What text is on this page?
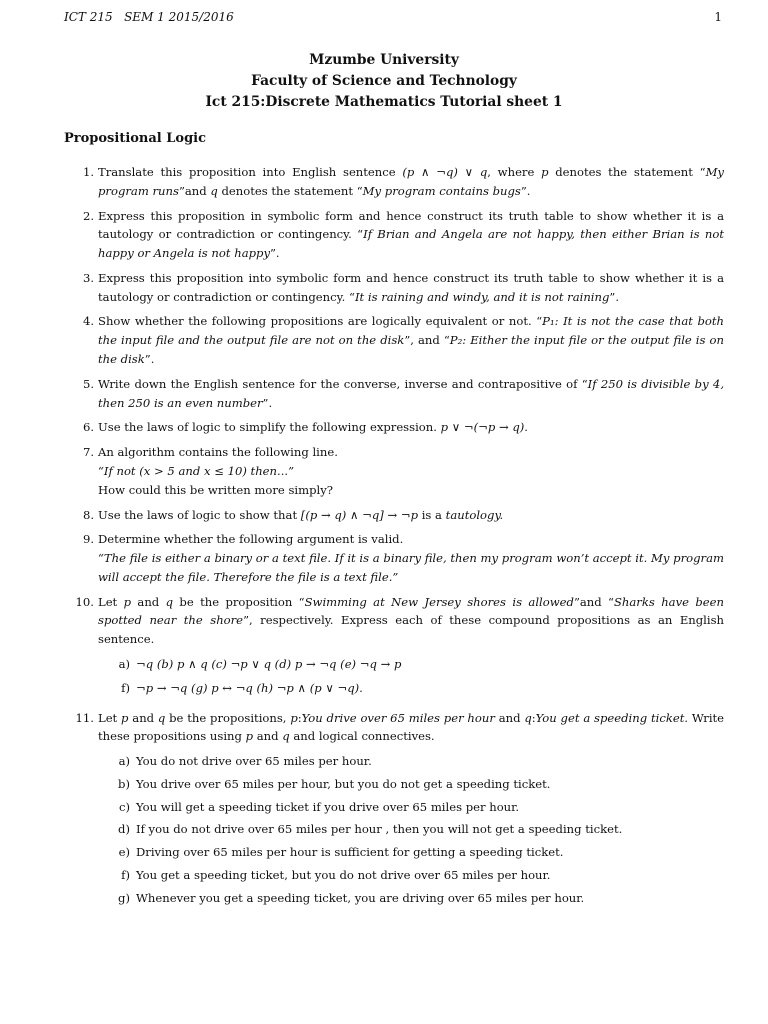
ICT 215   SEM 1 2015/2016	1
Mzumbe University
Faculty of Science and Technology
Ict 215:Discrete Mathematics Tutorial sheet 1
Propositional Logic
1. Translate this proposition into English sentence (p ∧ ¬q) ∨ q, where p denotes the statement “My program runs”and q denotes the statement “My program contains bugs”.
2. Express this proposition in symbolic form and hence construct its truth table to show whether it is a tautology or contradiction or contingency. “If Brian and Angela are not happy, then either Brian is not happy or Angela is not happy”.
3. Express this proposition into symbolic form and hence construct its truth table to show whether it is a tautology or contradiction or contingency. “It is raining and windy, and it is not raining”.
4. Show whether the following propositions are logically equivalent or not. “P₁: It is not the case that both the input file and the output file are not on the disk”, and “P₂: Either the input file or the output file is on the disk”.
5. Write down the English sentence for the converse, inverse and contrapositive of “If 250 is divisible by 4, then 250 is an even number”.
6. Use the laws of logic to simplify the following expression. p ∨ ¬(¬p → q).
7. An algorithm contains the following line.
“If not (x > 5 and x ≤ 10) then...”
How could this be written more simply?
8. Use the laws of logic to show that [(p → q) ∧ ¬q] → ¬p is a tautology.
9. Determine whether the following argument is valid.
“The file is either a binary or a text file. If it is a binary file, then my program won’t accept it. My program will accept the file. Therefore the file is a text file.”
10. Let p and q be the proposition “Swimming at New Jersey shores is allowed”and “Sharks have been spotted near the shore”, respectively. Express each of these compound propositions as an English sentence.
a) ¬q (b) p ∧ q (c) ¬p ∨ q (d) p → ¬q (e) ¬q → p
f) ¬p → ¬q (g) p ↔ ¬q (h) ¬p ∧ (p ∨ ¬q).
11. Let p and q be the propositions, p:You drive over 65 miles per hour and q:You get a speeding ticket. Write these propositions using p and q and logical connectives.
a) You do not drive over 65 miles per hour.
b) You drive over 65 miles per hour, but you do not get a speeding ticket.
c) You will get a speeding ticket if you drive over 65 miles per hour.
d) If you do not drive over 65 miles per hour , then you will not get a speeding ticket.
e) Driving over 65 miles per hour is sufficient for getting a speeding ticket.
f) You get a speeding ticket, but you do not drive over 65 miles per hour.
g) Whenever you get a speeding ticket, you are driving over 65 miles per hour.
